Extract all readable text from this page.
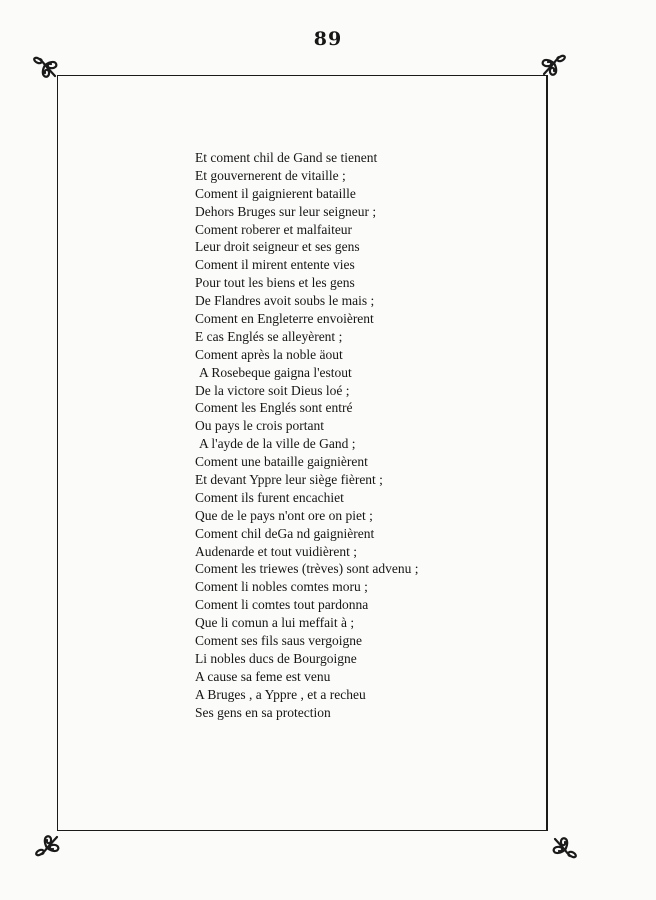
89
Et coment chil de Gand se tienent
Et gouvernerent de vitaille ;
Coment il gaignierent bataille
Dehors Bruges sur leur seigneur ;
Coment roberer et malfaiteur
Leur droit seigneur et ses gens
Coment il mirent entente vies
Pour tout les biens et les gens
De Flandres avoit soubs le mais ;
Coment en Engleterre envoièrent
E cas Englés se alleyèrent ;
Coment après la noble äout
A Rosebeque gaigna l'estout
De la victore soit Dieus loé ;
Coment les Englés sont entré
Ou pays le crois portant
A l'ayde de la ville de Gand ;
Coment une bataille gaignièrent
Et devant Yppre leur siège fièrent ;
Coment ils furent encachiet
Que de le pays n'ont ore on piet ;
Coment chil deGa nd gaignièrent
Audenarde et tout vuidièrent ;
Coment les triewes (trèves) sont advenu ;
Coment li nobles comtes moru ;
Coment li comtes tout pardonna
Que li comun a lui meffait à ;
Coment ses fils saus vergoigne
Li nobles ducs de Bourgoigne
A cause sa feme est venu
A Bruges , a Yppre , et a recheu
Ses gens en sa protection
